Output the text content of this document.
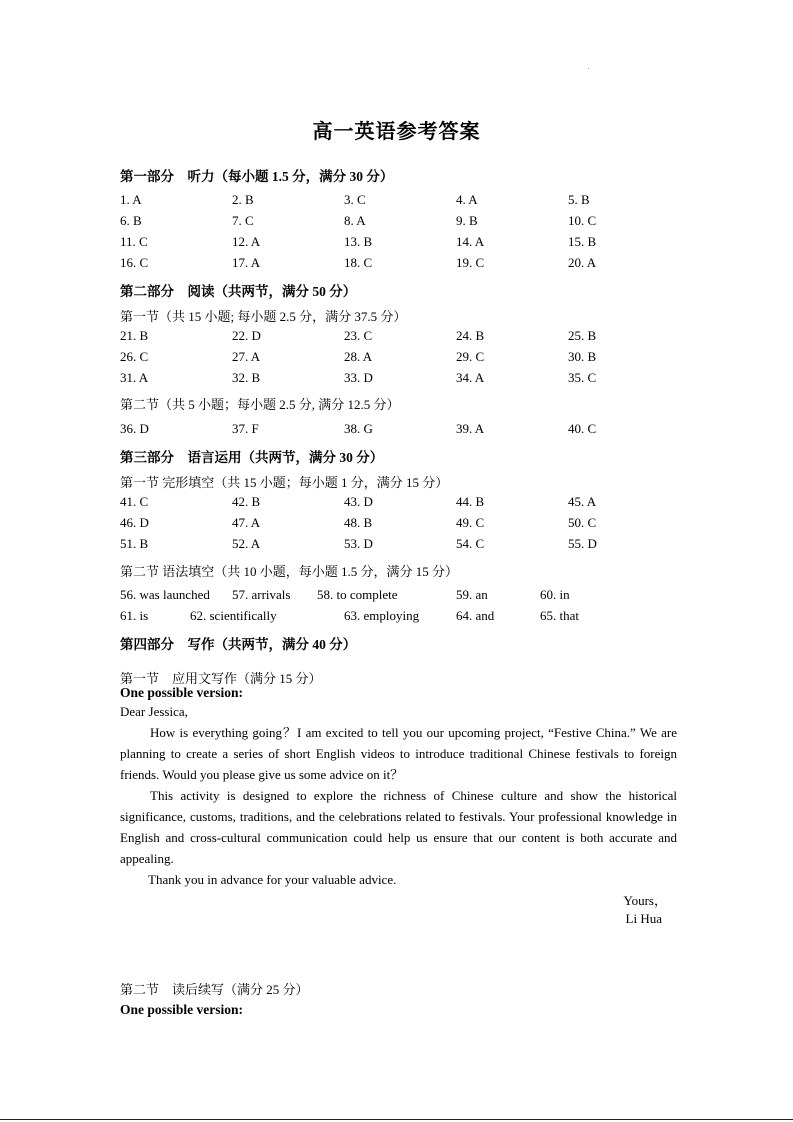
高一英语参考答案
第一部分　听力（每小题 1.5 分，满分 30 分）
1. A	2. B	3. C	4. A	5. B
6. B	7. C	8. A	9. B	10. C
11. C	12. A	13. B	14. A	15. B
16. C	17. A	18. C	19. C	20. A
第二部分　阅读（共两节，满分 50 分）
第一节（共 15 小题; 每小题 2.5 分，满分 37.5 分）
21. B	22. D	23. C	24. B	25. B
26. C	27. A	28. A	29. C	30. B
31. A	32. B	33. D	34. A	35. C
第二节（共 5 小题；每小题 2.5 分, 满分 12.5 分）
36. D	37. F	38. G	39. A	40. C
第三部分　语言运用（共两节，满分 30 分）
第一节 完形填空（共 15 小题；每小题 1 分，满分 15 分）
41. C	42. B	43. D	44. B	45. A
46. D	47. A	48. B	49. C	50. C
51. B	52. A	53. D	54. C	55. D
第二节 语法填空（共 10 小题，每小题 1.5 分，满分 15 分）
56. was launched 57. arrivals 58. to complete	59. an	60. in
61. is	62. scientifically	63. employing	64. and	65. that
第四部分　写作（共两节，满分 40 分）
第一节　应用文写作（满分 15 分）
One possible version:

Dear Jessica,

How is everything going？I am excited to tell you our upcoming project, “Festive China.” We are planning to create a series of short English videos to introduce traditional Chinese festivals to foreign friends. Would you please give us some advice on it？

This activity is designed to explore the richness of Chinese culture and show the historical significance, customs, traditions, and the celebrations related to festivals. Your professional knowledge in English and cross-cultural communication could help us ensure that our content is both accurate and appealing.

Thank you in advance for your valuable advice.

Yours，
Li Hua
第二节　读后续写（满分 25 分）
One possible version:
